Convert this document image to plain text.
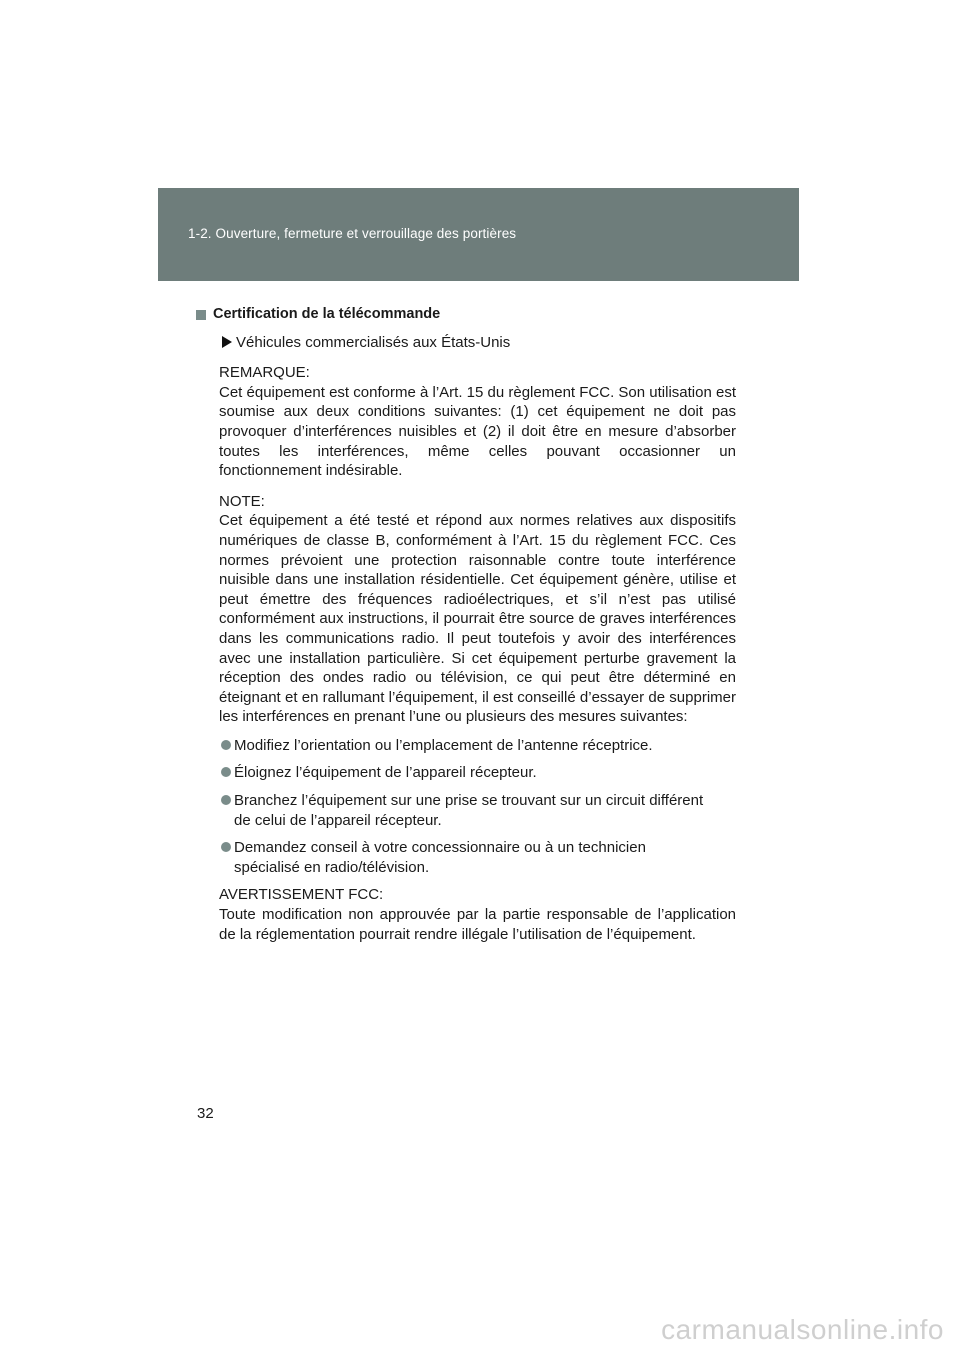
1-2. Ouverture, fermeture et verrouillage des portières
Certification de la télécommande
Véhicules commercialisés aux États-Unis

REMARQUE:

Cet équipement est conforme à l’Art. 15 du règlement FCC. Son utilisation est soumise aux deux conditions suivantes: (1) cet équipement ne doit pas provoquer d’interférences nuisibles et (2) il doit être en mesure d’absorber toutes les interférences, même celles pouvant occasionner un fonctionnement indésirable.

NOTE:

Cet équipement a été testé et répond aux normes relatives aux dispositifs numériques de classe B, conformément à l’Art. 15 du règlement FCC. Ces normes prévoient une protection raisonnable contre toute interférence nuisible dans une installation résidentielle. Cet équipement génère, utilise et peut émettre des fréquences radioélectriques, et s’il n’est pas utilisé conformément aux instructions, il pourrait être source de graves interférences dans les communications radio. Il peut toutefois y avoir des interférences avec une installation particulière. Si cet équipement perturbe gravement la réception des ondes radio ou télévision, ce qui peut être déterminé en éteignant et en rallumant l’équipement, il est conseillé d’essayer de supprimer les interférences en prenant l’une ou plusieurs des mesures suivantes:

Modifiez l’orientation ou l’emplacement de l’antenne réceptrice.
Éloignez l’équipement de l’appareil récepteur.
Branchez l’équipement sur une prise se trouvant sur un circuit différent de celui de l’appareil récepteur.
Demandez conseil à votre concessionnaire ou à un technicien spécialisé en radio/télévision.

AVERTISSEMENT FCC:

Toute modification non approuvée par la partie responsable de l’application de la réglementation pourrait rendre illégale l’utilisation de l’équipement.

32
carmanualsonline.info
